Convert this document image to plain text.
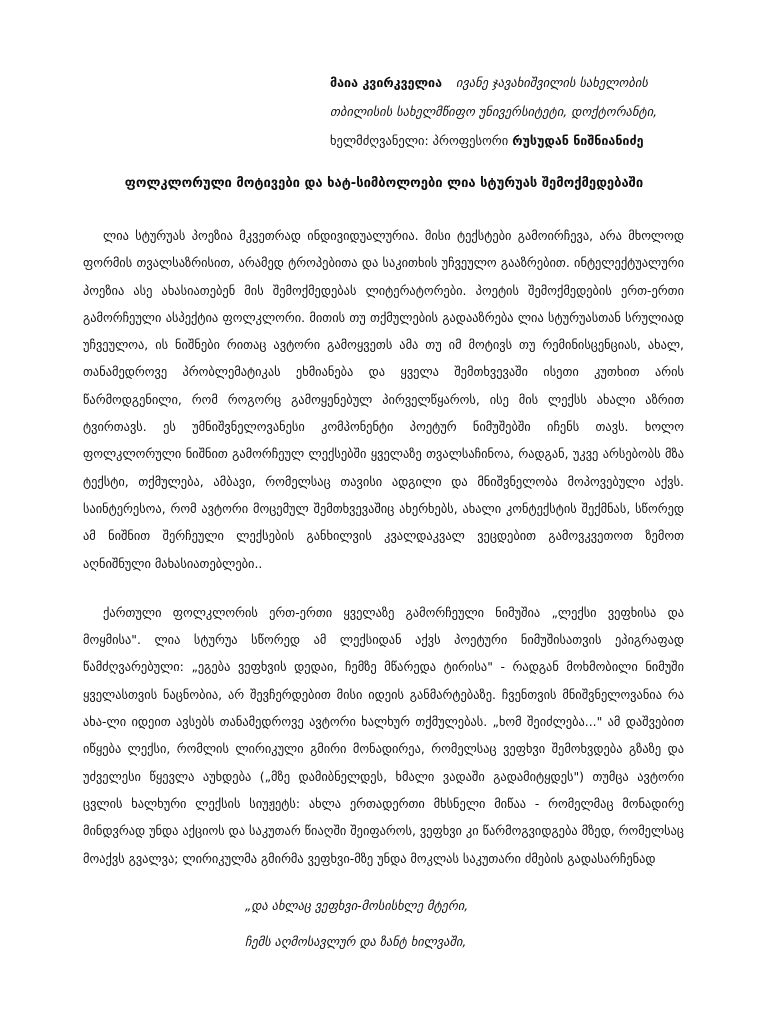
მაია კვირკველია ივანე ჯავახიშვილის სახელობის
თბილისის სახელმწიფო უნივერსიტეტი, დოქტორანტი,
ხელმძღვანელი: პროფესორი რუსუდან ნიშნიანიძე
ფოლკლორული მოტივები და ხატ-სიმბოლოები ლია სტურუას შემოქმედებაში

ლია სტურუას პოეზია მკვეთრად ინდივიდუალურია. მისი ტექსტები გამოირჩევა, არა მხოლოდ ფორმის თვალსაზრისით, არამედ ტროპებითა და საკითხის უჩვეულო გააზრებით. ინტელექტუალური პოეზია ასე ახასიათებენ მის შემოქმედებას ლიტერატორები. პოეტის შემოქმედების ერთ-ერთი გამორჩეული ასპექტია ფოლკლორი. მითის თუ თქმულების გადააზრება ლია სტურუასთან სრულიად უჩვეულოა, ის ნიშნები რითაც ავტორი გამოყვეთს ამა თუ იმ მოტივს თუ რემინისცენციას, ახალ, თანამედროვე პრობლემატიკას ეხმიანება და ყველა შემთხვევაში ისეთი კუთხით არის წარმოდგენილი, რომ როგორც გამოყენებულ პირველწყაროს, ისე მის ლექსს ახალი აზრით ტვირთავს. ეს უმნიშვნელოვანესი კომპონენტი პოეტურ ნიმუშებში იჩენს თავს. ხოლო ფოლკლორული ნიშნით გამორჩეულ ლექსებში ყველაზე თვალსაჩინოა, რადგან, უკვე არსებობს მზა ტექსტი, თქმულება, ამბავი, რომელსაც თავისი ადგილი და მნიშვნელობა მოპოვებული აქვს. საინტერესოა, რომ ავტორი მოცემულ შემთხვევაშიც ახერხებს, ახალი კონტექსტის შექმნას, სწორედ ამ ნიშნით შერჩეული ლექსების განხილვის კვალდაკვალ ვეცდებით გამოვკვეთოთ ზემოთ აღნიშნული მახასიათებლები..

ქართული ფოლკლორის ერთ-ერთი ყველაზე გამორჩეული ნიმუშია „ლექსი ვეფხისა და მოყმისა". ლია სტურუა სწორედ ამ ლექსიდან აქვს პოეტური ნიმუშისათვის ეპიგრაფად წამძღვარებული: „ეგება ვეფხვის დედაი, ჩემზე მწარედა ტირისა" - რადგან მოხმობილი ნიმუში ყველასთვის ნაცნობია, არ შევჩერდებით მისი იდეის განმარტებაზე. ჩვენთვის მნიშვნელოვანია რა ახა-ლი იდეით ავსებს თანამედროვე ავტორი ხალხურ თქმულებას. „ხომ შეიძლება..." ამ დაშვებით იწყება ლექსი, რომლის ლირიკული გმირი მონადირეა, რომელსაც ვეფხვი შემოხვდება გზაზე და უძველესი წყევლა აუხდება („მზე დამიბნელდეს, ხმალი ვადაში გადამიტყდეს") თუმცა ავტორი ცვლის ხალხური ლექსის სიუჟეტს: ახლა ერთადერთი მხსნელი მიწაა - რომელმაც მონადირე მინდვრად უნდა აქციოს და საკუთარ წიაღში შეიფაროს, ვეფხვი კი წარმოგვიდგება მზედ, რომელსაც მოაქვს გვალვა; ლირიკულმა გმირმა ვეფხვი-მზე უნდა მოკლას საკუთარი ძმების გადასარჩენად

„და ახლაც ვეფხვი-მოსისხლე მტერი,
ჩემს აღმოსავლურ და ზანტ ხილვაში,
